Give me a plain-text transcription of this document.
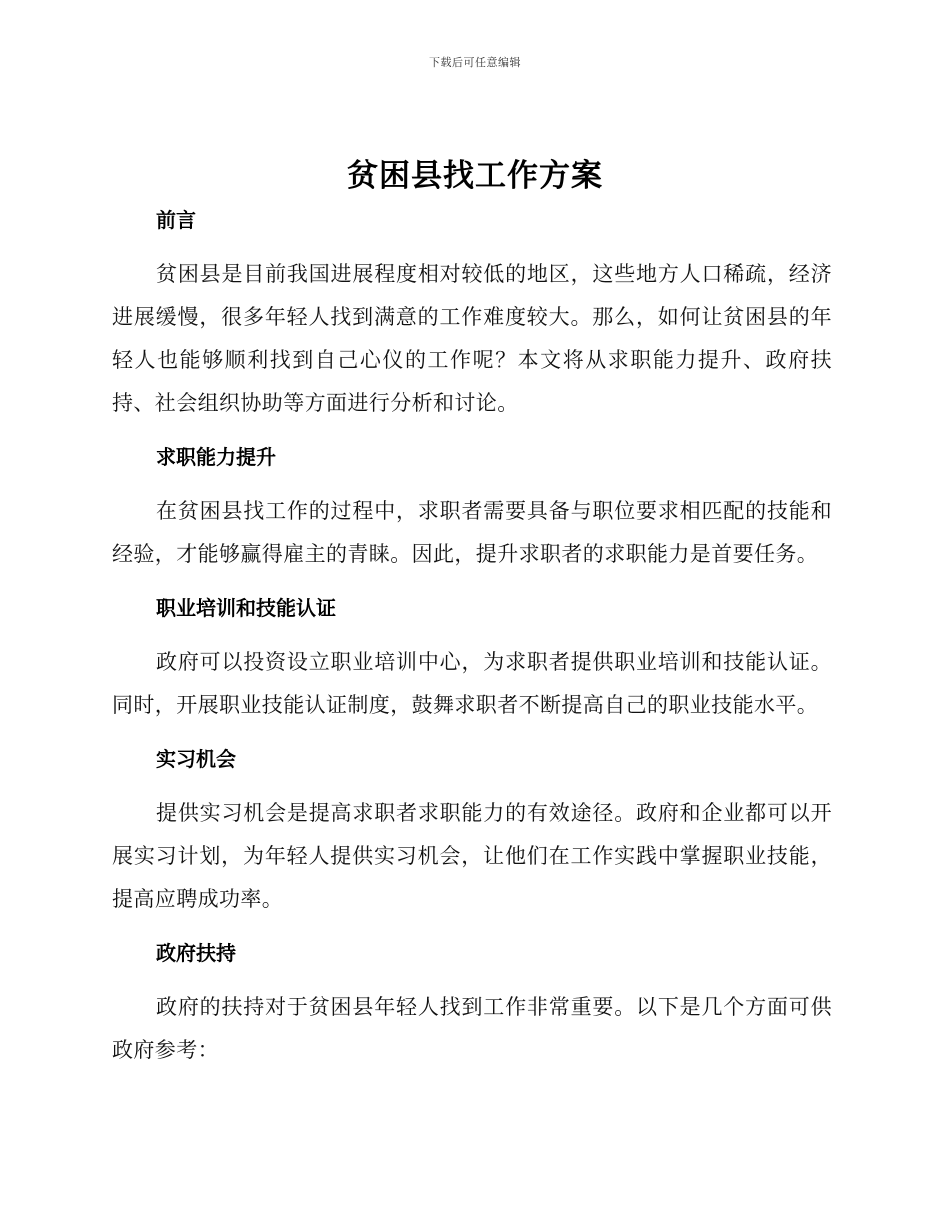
下载后可任意编辑
贫困县找工作方案
前言

贫困县是目前我国进展程度相对较低的地区，这些地方人口稀疏，经济进展缓慢，很多年轻人找到满意的工作难度较大。那么，如何让贫困县的年轻人也能够顺利找到自己心仪的工作呢？本文将从求职能力提升、政府扶持、社会组织协助等方面进行分析和讨论。

求职能力提升

在贫困县找工作的过程中，求职者需要具备与职位要求相匹配的技能和经验，才能够赢得雇主的青睐。因此，提升求职者的求职能力是首要任务。

职业培训和技能认证

政府可以投资设立职业培训中心，为求职者提供职业培训和技能认证。同时，开展职业技能认证制度，鼓舞求职者不断提高自己的职业技能水平。

实习机会

提供实习机会是提高求职者求职能力的有效途径。政府和企业都可以开展实习计划，为年轻人提供实习机会，让他们在工作实践中掌握职业技能，提高应聘成功率。

政府扶持

政府的扶持对于贫困县年轻人找到工作非常重要。以下是几个方面可供政府参考：
